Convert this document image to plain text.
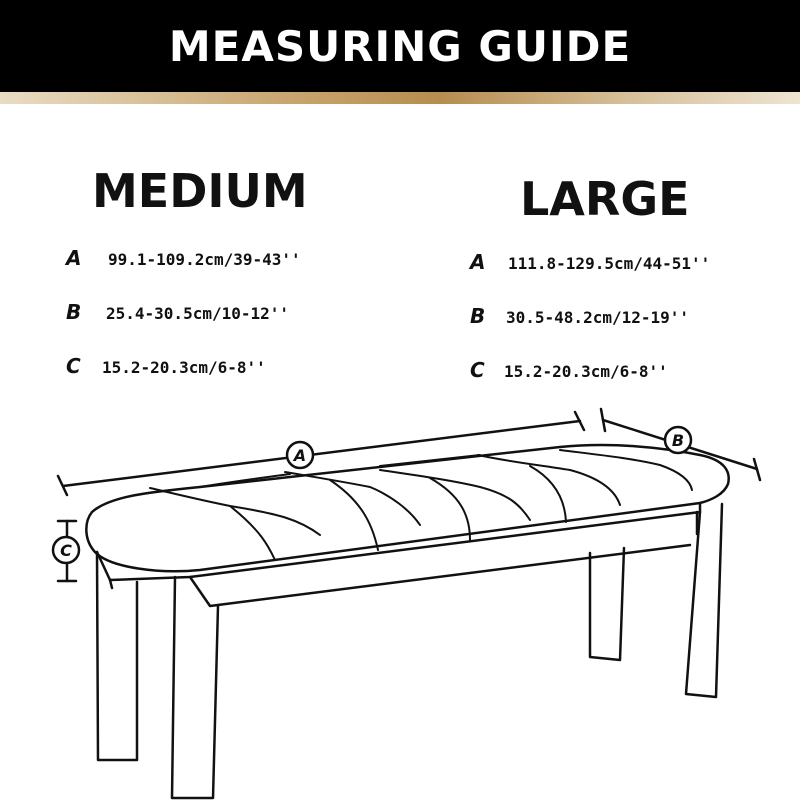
MEASURING GUIDE
MEDIUM
A	99.1-109.2cm/39-43''
B	25.4-30.5cm/10-12''
C	15.2-20.3cm/6-8''
LARGE
A	111.8-129.5cm/44-51''
B	30.5-48.2cm/12-19''
C	15.2-20.3cm/6-8''
A
B
C
